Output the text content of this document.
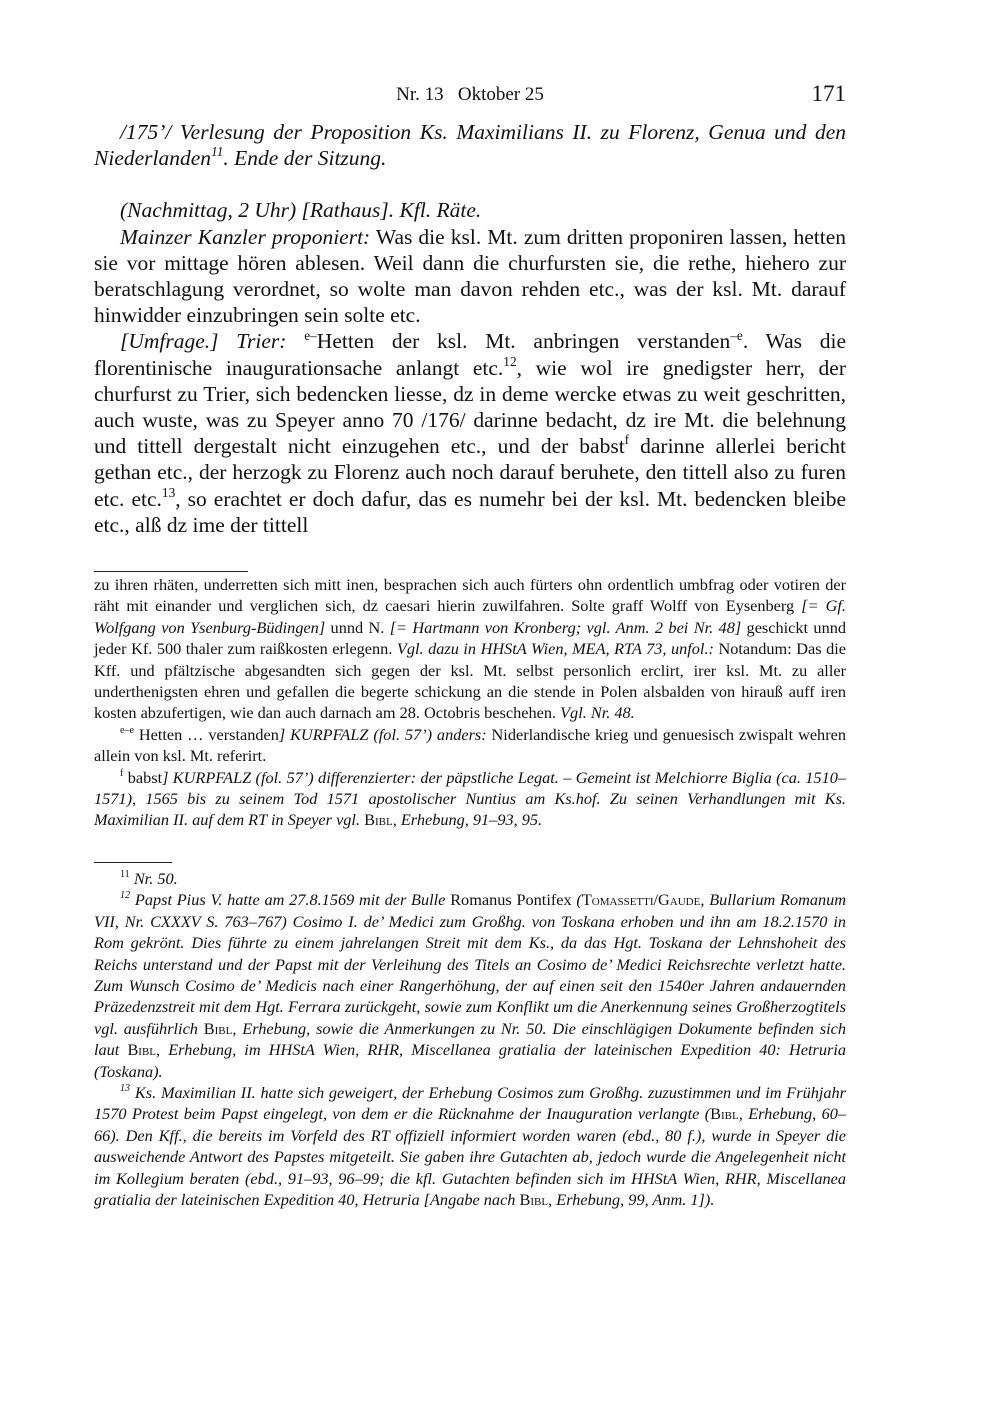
Nr. 13 Oktober 25	171

/175’/ Verlesung der Proposition Ks. Maximilians II. zu Florenz, Genua und den Niederlanden$^{11}$. Ende der Sitzung.

(Nachmittag, 2 Uhr) [Rathaus]. Kfl. Räte.

Mainzer Kanzler proponiert: Was die ksl. Mt. zum dritten proponiren lassen, hetten sie vor mittage hören ablesen. Weil dann die churfursten sie, die rethe, hiehero zur beratschlagung verordnet, so wolte man davon rehden etc., was der ksl. Mt. darauf hinwidder einzubringen sein solte etc.

[Umfrage.] Trier: $^{e-}$Hetten der ksl. Mt. anbringen verstanden$^{-e}$. Was die florentinische inaugurationsache anlangt etc.$^{12}$, wie wol ire gnedigster herr, der churfurst zu Trier, sich bedencken liesse, dz in deme wercke etwas zu weit geschritten, auch wuste, was zu Speyer anno 70 /176/ darinne bedacht, dz ire Mt. die belehnung und tittell dergestalt nicht einzugehen etc., und der babst$^f$ darinne allerlei bericht gethan etc., der herzogk zu Florenz auch noch darauf beruhete, den tittell also zu furen etc. etc.$^{13}$, so erachtet er doch dafur, das es numehr bei der ksl. Mt. bedencken bleibe etc., alß dz ime der tittell

zu ihren rhäten, underretten sich mitt inen, besprachen sich auch fürters ohn ordentlich umbfrag oder votiren der räht mit einander und verglichen sich, dz caesari hierin zuwilfahren. Solte graff Wolff von Eysenberg [= Gf. Wolfgang von Ysenburg-Büdingen] unnd N. [= Hartmann von Kronberg; vgl. Anm. 2 bei Nr. 48] geschickt unnd jeder Kf. 500 thaler zum raißkosten erlegenn. Vgl. dazu in HHStA Wien, MEA, RTA 73, unfol.: Notandum: Das die Kff. und pfältzische abgesandten sich gegen der ksl. Mt. selbst personlich erclirt, irer ksl. Mt. zu aller underthenigsten ehren und gefallen die begerte schickung an die stende in Polen alsbalden von hirauß auff iren kosten abzufertigen, wie dan auch darnach am 28. Octobris beschehen. Vgl. Nr. 48.

$^{e-e}$ Hetten … verstanden] KURPFALZ (fol. 57’) anders: Niderlandische krieg und genuesisch zwispalt wehren allein von ksl. Mt. referirt.

$^f$ babst] KURPFALZ (fol. 57’) differenzierter: der päpstliche Legat. – Gemeint ist Melchiorre Biglia (ca. 1510–1571), 1565 bis zu seinem Tod 1571 apostolischer Nuntius am Ks.hof. Zu seinen Verhandlungen mit Ks. Maximilian II. auf dem RT in Speyer vgl. Bibl, Erhebung, 91–93, 95.

$^{11}$ Nr. 50.

$^{12}$ Papst Pius V. hatte am 27.8.1569 mit der Bulle Romanus Pontifex (Tomassetti/Gaude, Bullarium Romanum VII, Nr. CXXXV S. 763–767) Cosimo I. de’ Medici zum Großhg. von Toskana erhoben und ihn am 18.2.1570 in Rom gekrönt. Dies führte zu einem jahrelangen Streit mit dem Ks., da das Hgt. Toskana der Lehnshoheit des Reichs unterstand und der Papst mit der Verleihung des Titels an Cosimo de’ Medici Reichsrechte verletzt hatte. Zum Wunsch Cosimo de’ Medicis nach einer Rangerhöhung, der auf einen seit den 1540er Jahren andauernden Präzedenzstreit mit dem Hgt. Ferrara zurückgeht, sowie zum Konflikt um die Anerkennung seines Großherzogtitels vgl. ausführlich Bibl, Erhebung, sowie die Anmerkungen zu Nr. 50. Die einschlägigen Dokumente befinden sich laut Bibl, Erhebung, im HHStA Wien, RHR, Miscellanea gratialia der lateinischen Expedition 40: Hetruria (Toskana).

$^{13}$ Ks. Maximilian II. hatte sich geweigert, der Erhebung Cosimos zum Großhg. zuzustimmen und im Frühjahr 1570 Protest beim Papst eingelegt, von dem er die Rücknahme der Inauguration verlangte (Bibl, Erhebung, 60–66). Den Kff., die bereits im Vorfeld des RT offiziell informiert worden waren (ebd., 80 f.), wurde in Speyer die ausweichende Antwort des Papstes mitgeteilt. Sie gaben ihre Gutachten ab, jedoch wurde die Angelegenheit nicht im Kollegium beraten (ebd., 91–93, 96–99; die kfl. Gutachten befinden sich im HHStA Wien, RHR, Miscellanea gratialia der lateinischen Expedition 40, Hetruria [Angabe nach Bibl, Erhebung, 99, Anm. 1]).
